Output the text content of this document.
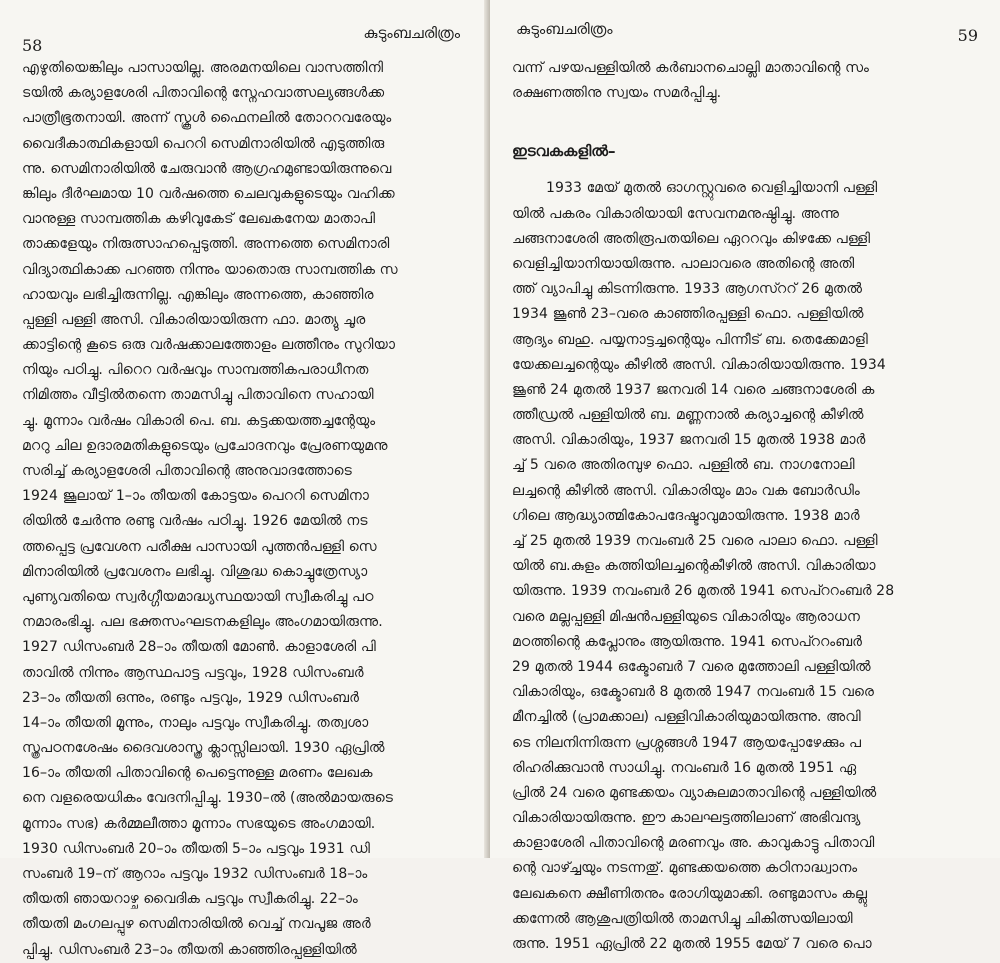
58
കുടുംബചരിത്രം
എഴുതിയെങ്കിലും പാസായില്ല. അരമനയിലെ വാസത്തിനി
ടയിൽ കര്യാളശേരി പിതാവിന്റെ സ്നേഹവാത്സല്യങ്ങൾക്ക
പാത്രീഭൂതനായി. അന്ന് സ്കൂൾ ഫൈനലിൽ തോററവരേയും
വൈദീകാത്ഥികളായി പെററി സെമിനാരിയിൽ എടുത്തിരു
ന്നു. സെമിനാരിയിൽ ചേരുവാൻ ആഗ്രഹമുണ്ടായിരുന്നുവെ
ങ്കിലും ദീർഘമായ 10 വർഷത്തെ ചെലവുകളുടെയും വഹിക്ക
വാനുള്ള സാമ്പത്തിക കഴിവുകേട് ലേഖകനേയ മാതാപി
താക്കളേയും നിരുത്സാഹപ്പെടുത്തി. അന്നത്തെ സെമിനാരി
വിദ്യാത്ഥികാക്ക പറഞ്ഞ നിന്നും യാതൊരു സാമ്പത്തിക സ
ഹായവും ലഭിച്ചിരുന്നില്ല. എങ്കിലും അന്നത്തെ, കാഞ്ഞിര
പ്പള്ളി പള്ളി അസി. വികാരിയായിരുന്ന ഫാ. മാത്യു ചൂര
ക്കാട്ടിന്റെ കൂടെ ഒരു വർഷക്കാലത്തോളം ലത്തീനും സുറിയാ
നിയും പഠിച്ചു. പിറെറ വർഷവും സാമ്പത്തികപരാധീനത
നിമിത്തം വീട്ടിൽതന്നെ താമസിച്ചു പിതാവിനെ സഹായി
ച്ചു. മൂന്നാം വർഷം വികാരി പെ. ബ. കട്ടക്കയത്തച്ചന്റേയും
മററു ചില ഉദാരമതികളുടെയും പ്രചോദനവും പ്രേരണയുമനു
സരിച്ച് കര്യാളശേരി പിതാവിന്റെ അനുവാദത്തോടെ
1924 ജൂലായ് 1–ാം തീയതി കോട്ടയം പെററി സെമിനാ
രിയിൽ ചേർന്നു രണ്ടു വർഷം പഠിച്ചു. 1926 മേയിൽ നട
ത്തപ്പെട്ട പ്രവേശന പരീക്ഷ പാസായി പുത്തൻപള്ളി സെ
മിനാരിയിൽ പ്രവേശനം ലഭിച്ചു. വിശുദ്ധ കൊച്ചുത്രേസ്യാ
പുണ്യവതിയെ സ്വർഗ്ഗീയമാദ്ധ്യസ്ഥയായി സ്വീകരിച്ചു പഠ
നമാരംഭിച്ചു. പല ഭക്തസംഘടനകളിലും അംഗമായിരുന്നു.
1927 ഡിസംബർ 28–ാം തീയതി മോൺ. കാളാശേരി പി
താവിൽ നിന്നും ആസ്ഥപാട്ട പട്ടവും, 1928 ഡിസംബർ
23–ാം തീയതി ഒന്നും, രണ്ടും പട്ടവും, 1929 ഡിസംബർ
14–ാം തീയതി മൂന്നും, നാലും പട്ടവും സ്വീകരിച്ചു. തത്വശാ
സ്ത്രപഠനശേഷം ദൈവശാസ്ത്ര ക്ലാസ്സിലായി. 1930 ഏപ്രിൽ
16–ാം തീയതി പിതാവിന്റെ പെട്ടെന്നുള്ള മരണം ലേഖക
നെ വളരെയധികം വേദനിപ്പിച്ചു. 1930–ൽ (അൽമായരുടെ
മൂന്നാം സഭ) കർമ്മലീത്താ മൂന്നാം സഭയുടെ അംഗമായി.
1930 ഡിസംബർ 20–ാം തീയതി 5–ാം പട്ടവും 1931 ഡി
സംബർ 19–ന് ആറാം പട്ടവും 1932 ഡിസംബർ 18–ാം
തീയതി ഞായറാഴ്ച വൈദിക പട്ടവും സ്വീകരിച്ചു. 22–ാം
തീയതി മംഗലപ്പുഴ സെമിനാരിയിൽ വെച്ച് നവപൂജ അർ
പ്പിച്ചു. ഡിസംബർ 23–ാം തീയതി കാഞ്ഞിരപ്പള്ളിയിൽ
കുടുംബചരിത്രം	59
വന്ന് പഴയപള്ളിയിൽ കർബാനചൊല്ലി മാതാവിന്റെ സം
രക്ഷണത്തിനു സ്വയം സമർപ്പിച്ചു.
ഇടവകകളിൽ–
1933 മേയ് മുതൽ ഓഗസ്റ്റുവരെ വെളിച്ചിയാനി പള്ളി
യിൽ പകരം വികാരിയായി സേവനമനുഷ്ഠിച്ചു. അന്നു
ചങ്ങനാശേരി അതിരൂപതയിലെ ഏററവും കിഴക്കേ പള്ളി
വെളിച്ചിയാനിയായിരുന്നു. പാലാവരെ അതിന്റെ അതി
ത്ത് വ്യാപിച്ചു കിടന്നിരുന്നു. 1933 ആഗസ്ററ് 26 മുതൽ
1934 ജൂൺ 23–വരെ കാഞ്ഞിരപ്പള്ളി ഫൊ. പള്ളിയിൽ
ആദ്യം ബഹു. പയ്യനാട്ടച്ചന്റെയും പിന്നീട് ബ. തെക്കേമാളി
യേക്കലച്ചന്റെയും കീഴിൽ അസി. വികാരിയായിരുന്നു. 1934
ജൂൺ 24 മുതൽ 1937 ജനവരി 14 വരെ ചങ്ങനാശേരി ക
ത്തീഡ്രൽ പള്ളിയിൽ ബ. മണ്ണനാൽ കര്യാച്ചന്റെ കീഴിൽ
അസി. വികാരിയും, 1937 ജനവരി 15 മുതൽ 1938 മാർ
ച്ച് 5 വരെ അതിരമ്പുഴ ഫൊ. പള്ളിൽ ബ. നാഗനോലി
ലച്ചന്റെ കീഴിൽ അസി. വികാരിയും മാം വക ബോർഡിം
ഗിലെ ആദ്ധ്യാത്മികോപദേഷ്ടാവുമായിരുന്നു. 1938 മാർ
ച്ച് 25 മുതൽ 1939 നവംബർ 25 വരെ പാലാ ഫൊ. പള്ളി
യിൽ ബ.കുളം കത്തിയിലച്ചന്റെകീഴിൽ അസി. വികാരിയാ
യിരുന്നു. 1939 നവംബർ 26 മുതൽ 1941 സെപ്ററംബർ 28
വരെ മല്ലപ്പള്ളി മിഷൻപള്ളിയുടെ വികാരിയും ആരാധന
മഠത്തിന്റെ കപ്ലോനും ആയിരുന്നു. 1941 സെപ്ററംബർ
29 മുതൽ 1944 ഒക്ടോബർ 7 വരെ മുത്തോലി പള്ളിയിൽ
വികാരിയും, ഒക്ടോബർ 8 മുതൽ 1947 നവംബർ 15 വരെ
മീനച്ചിൽ (പ്രാമക്കാല) പള്ളിവികാരിയുമായിരുന്നു. അവി
ടെ നിലനിന്നിരുന്ന പ്രശ്നങ്ങൾ 1947 ആയപ്പോഴേക്കും പ
രിഹരിക്കുവാൻ സാധിച്ചു. നവംബർ 16 മുതൽ 1951 ഏ
പ്രിൽ 24 വരെ മുണ്ടക്കയം വ്യാകുലമാതാവിന്റെ പള്ളിയിൽ
വികാരിയായിരുന്നു. ഈ കാലഘട്ടത്തിലാണ് അഭിവന്ദ്യ
കാളാശേരി പിതാവിന്റെ മരണവും അ. കാവുകാട്ടു പിതാവി
ന്റെ വാഴ്ച്ചയും നടന്നതു്. മുണ്ടക്കയത്തെ കഠിനാദ്ധ്വാനം
ലേഖകനെ ക്ഷീണിതനും രോഗിയുമാക്കി. രണ്ടുമാസം കല്ലു
ക്കന്നേൽ ആശുപത്രിയിൽ താമസിച്ചു ചികിത്സയിലായി
രുന്നു. 1951 ഏപ്രിൽ 22 മുതൽ 1955 മേയ് 7 വരെ പൊ
